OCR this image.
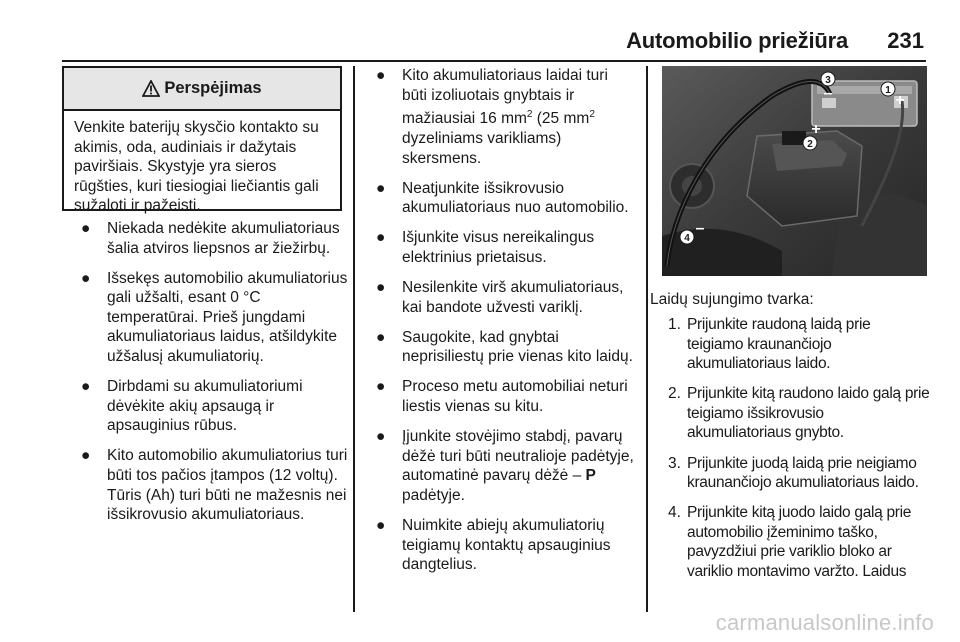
Automobilio priežiūra 231
Perspėjimas
Venkite baterijų skysčio kontakto su akimis, oda, audiniais ir dažytais paviršiais. Skystyje yra sieros rūgšties, kuri tiesiogiai liečiantis gali sužaloti ir pažeisti.
● Niekada nedėkite akumuliatoriaus šalia atviros liepsnos ar žiežirbų.
● Išsekęs automobilio akumuliatorius gali užšalti, esant 0 °C temperatūrai. Prieš jungdami akumuliatoriaus laidus, atšildykite užšalusį akumuliatorių.
● Dirbdami su akumuliatoriumi dėvėkite akių apsaugą ir apsauginius rūbus.
● Kito automobilio akumuliatorius turi būti tos pačios įtampos (12 voltų). Tūris (Ah) turi būti ne mažesnis nei išsikrovusio akumuliatoriaus.
● Kito akumuliatoriaus laidai turi būti izoliuotais gnybtais ir mažiausiai 16 $mm^2$ (25 $mm^2$ dyzeliniams varikliams) skersmens.
● Neatjunkite išsikrovusio akumuliatoriaus nuo automobilio.
● Išjunkite visus nereikalingus elektrinius prietaisus.
● Nesilenkite virš akumuliatoriaus, kai bandote užvesti variklį.
● Saugokite, kad gnybtai neprisiliestų prie vienas kito laidų.
● Proceso metu automobiliai neturi liestis vienas su kitu.
● Įjunkite stovėjimo stabdį, pavarų dėžė turi būti neutralioje padėtyje, automatinė pavarų dėžė – P padėtyje.
● Nuimkite abiejų akumuliatorių teigiamų kontaktų apsauginius dangtelius.
1
+
2
+
3
–
4
–
Laidų sujungimo tvarka:
1. Prijunkite raudoną laidą prie teigiamo kraunančiojo akumuliatoriaus laido.
2. Prijunkite kitą raudono laido galą prie teigiamo išsikrovusio akumuliatoriaus gnybto.
3. Prijunkite juodą laidą prie neigiamo kraunančiojo akumuliatoriaus laido.
4. Prijunkite kitą juodo laido galą prie automobilio įžeminimo taško, pavyzdžiui prie variklio bloko ar variklio montavimo varžto. Laidus
carmanualsonline.info
